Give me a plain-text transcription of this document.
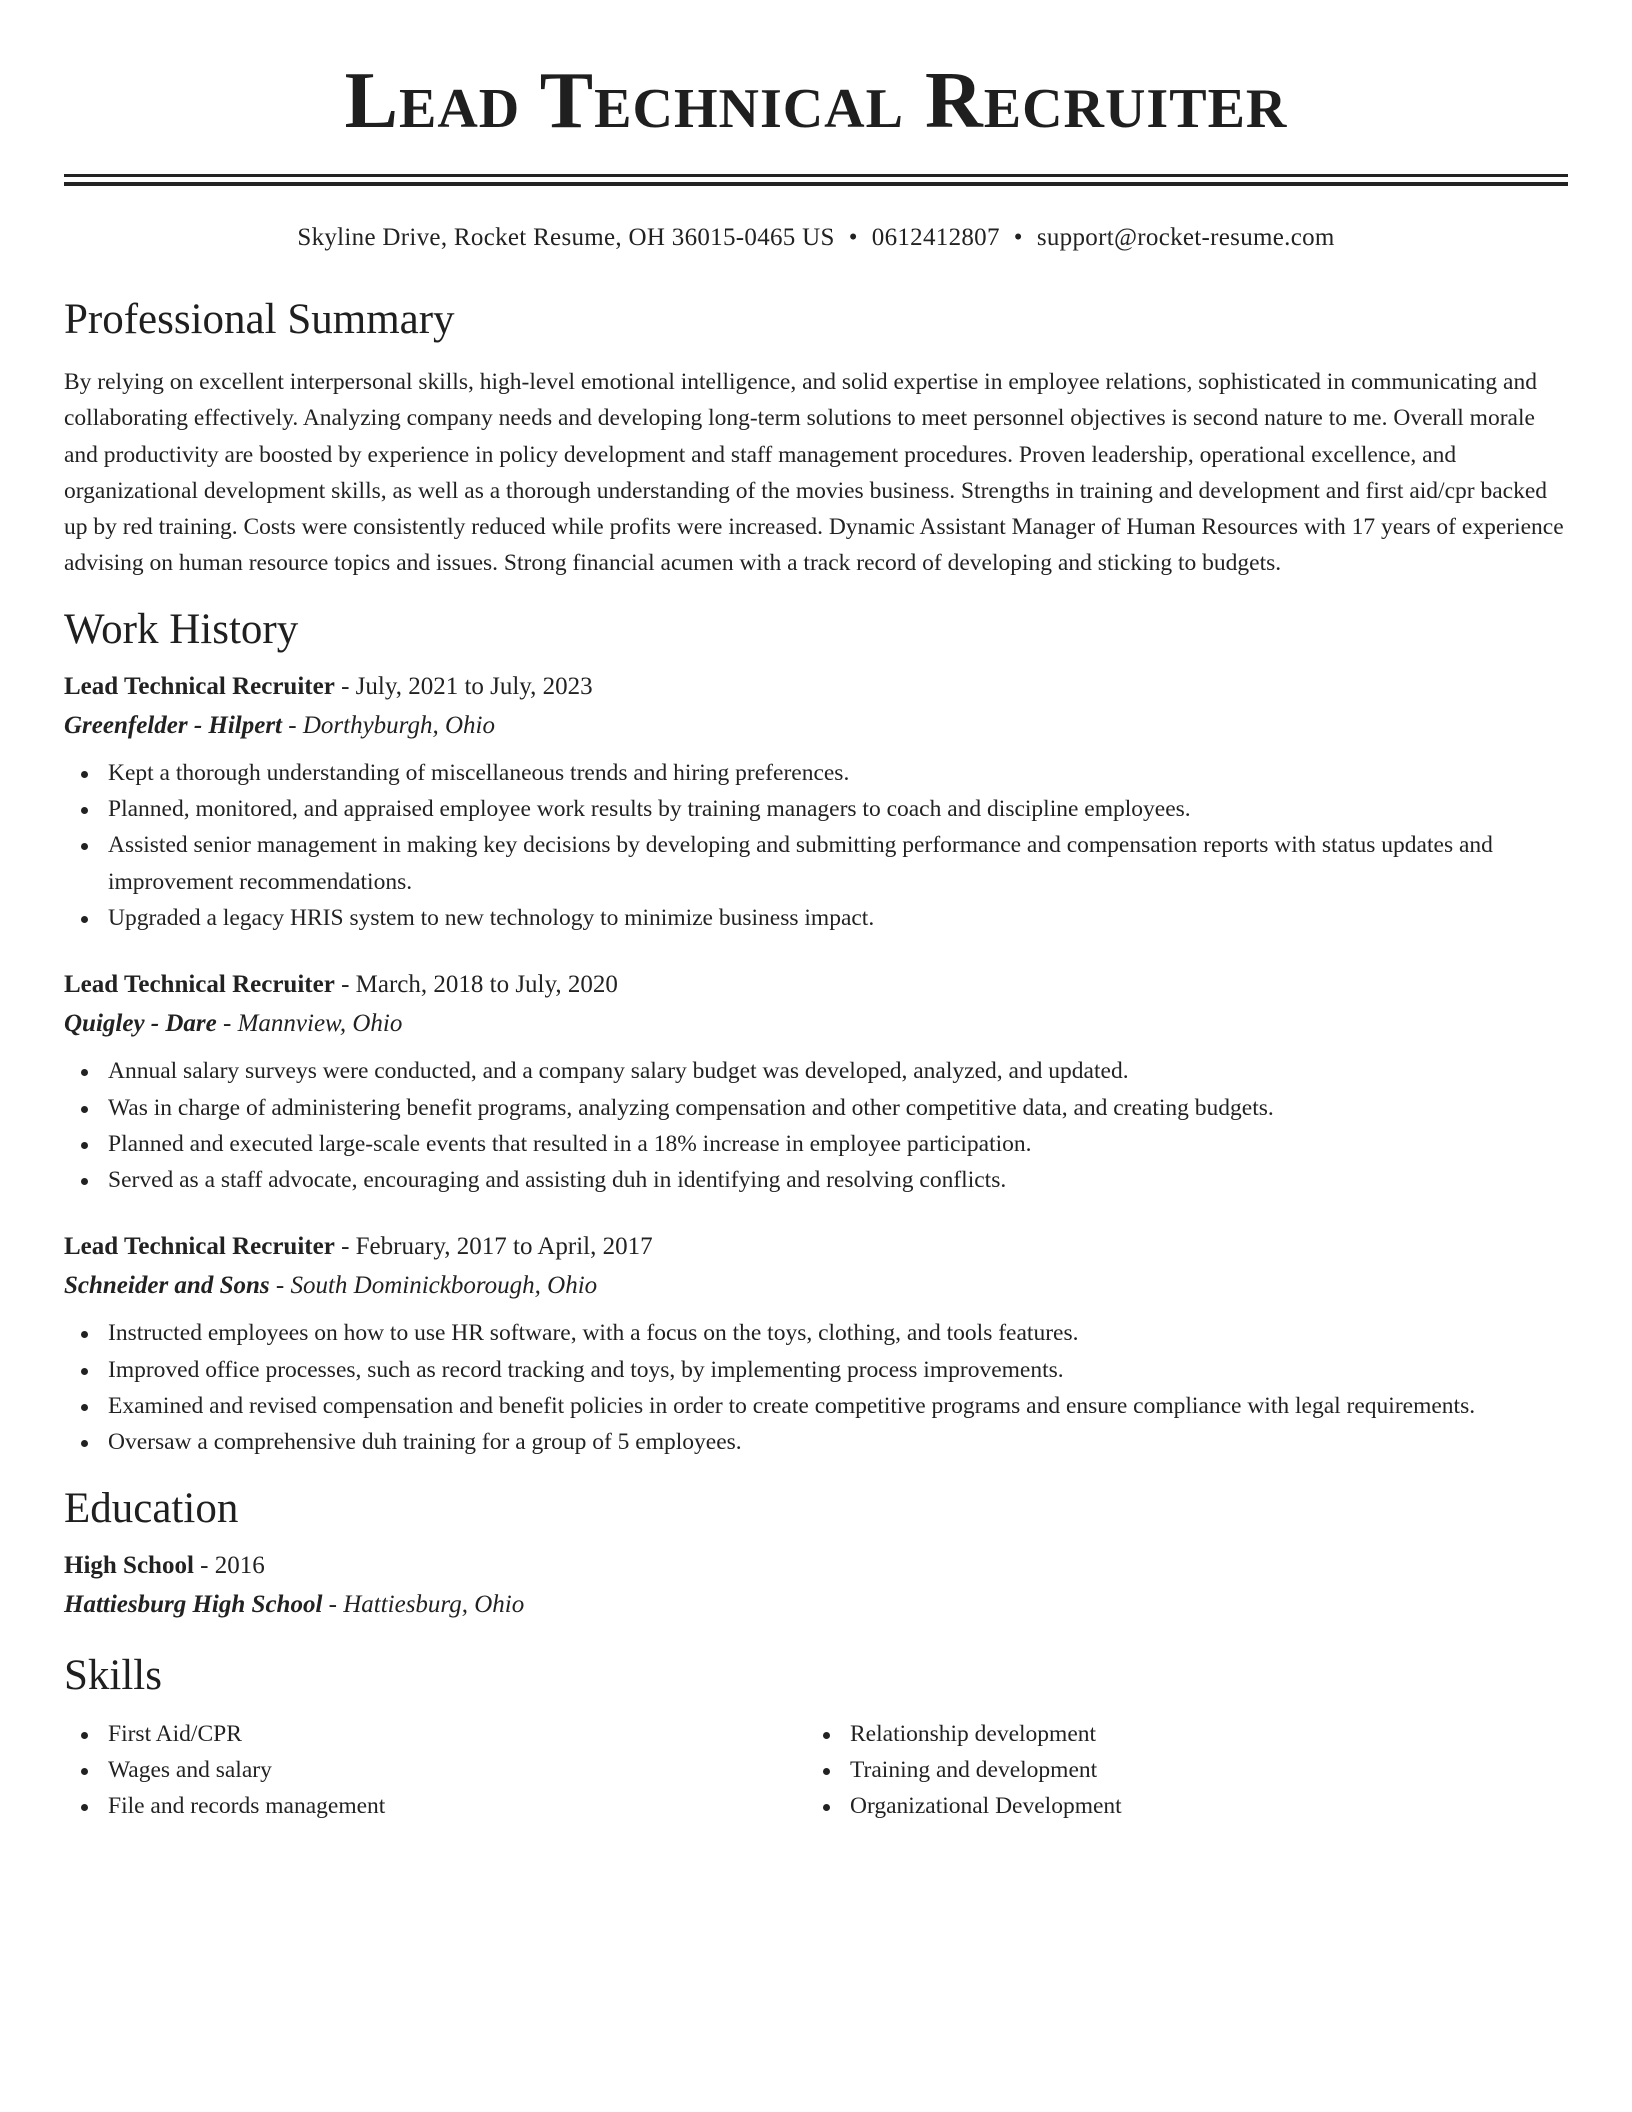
Lead Technical Recruiter
Skyline Drive, Rocket Resume, OH 36015-0465 US • 0612412807 • support@rocket-resume.com
Professional Summary

By relying on excellent interpersonal skills, high-level emotional intelligence, and solid expertise in employee relations, sophisticated in communicating and collaborating effectively. Analyzing company needs and developing long-term solutions to meet personnel objectives is second nature to me. Overall morale and productivity are boosted by experience in policy development and staff management procedures. Proven leadership, operational excellence, and organizational development skills, as well as a thorough understanding of the movies business. Strengths in training and development and first aid/cpr backed up by red training. Costs were consistently reduced while profits were increased. Dynamic Assistant Manager of Human Resources with 17 years of experience advising on human resource topics and issues. Strong financial acumen with a track record of developing and sticking to budgets.

Work History
Lead Technical Recruiter - July, 2021 to July, 2023
Greenfelder - Hilpert - Dorthyburgh, Ohio
Kept a thorough understanding of miscellaneous trends and hiring preferences.
Planned, monitored, and appraised employee work results by training managers to coach and discipline employees.
Assisted senior management in making key decisions by developing and submitting performance and compensation reports with status updates and improvement recommendations.
Upgraded a legacy HRIS system to new technology to minimize business impact.
Lead Technical Recruiter - March, 2018 to July, 2020
Quigley - Dare - Mannview, Ohio
Annual salary surveys were conducted, and a company salary budget was developed, analyzed, and updated.
Was in charge of administering benefit programs, analyzing compensation and other competitive data, and creating budgets.
Planned and executed large-scale events that resulted in a 18% increase in employee participation.
Served as a staff advocate, encouraging and assisting duh in identifying and resolving conflicts.
Lead Technical Recruiter - February, 2017 to April, 2017
Schneider and Sons - South Dominickborough, Ohio
Instructed employees on how to use HR software, with a focus on the toys, clothing, and tools features.
Improved office processes, such as record tracking and toys, by implementing process improvements.
Examined and revised compensation and benefit policies in order to create competitive programs and ensure compliance with legal requirements.
Oversaw a comprehensive duh training for a group of 5 employees.
Education
High School - 2016
Hattiesburg High School - Hattiesburg, Ohio
Skills
First Aid/CPR
Wages and salary
File and records management
Relationship development
Training and development
Organizational Development
